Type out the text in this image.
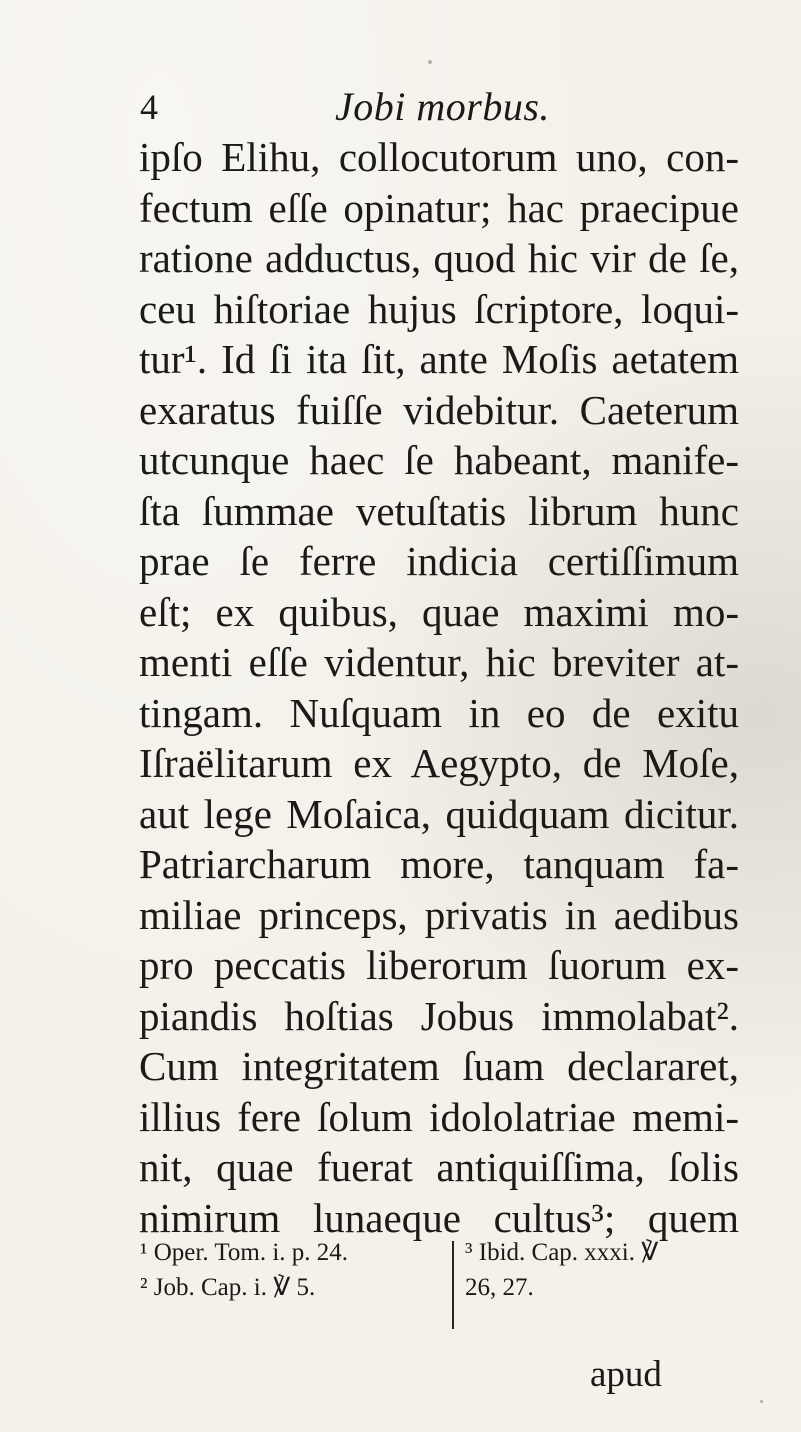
4	Jobi morbus.
ipſo Elihu, collocutorum uno, con-
fectum eſſe opinatur; hac praecipue
ratione adductus, quod hic vir de ſe,
ceu hiſtoriae hujus ſcriptore, loqui-
tur¹. Id ſi ita ſit, ante Moſis aetatem
exaratus fuiſſe videbitur. Caeterum
utcunque haec ſe habeant, manife-
ſta ſummae vetuſtatis librum hunc
prae ſe ferre indicia certiſſimum
eſt; ex quibus, quae maximi mo-
menti eſſe videntur, hic breviter at-
tingam. Nuſquam in eo de exitu
Iſraëlitarum ex Aegypto, de Moſe,
aut lege Moſaica, quidquam dicitur.
Patriarcharum more, tanquam fa-
miliae princeps, privatis in aedibus
pro peccatis liberorum ſuorum ex-
piandis hoſtias Jobus immolabat².
Cum integritatem ſuam declararet,
illius fere ſolum idololatriae memi-
nit, quae fuerat antiquiſſima, ſolis
nimirum lunaeque cultus³; quem
¹ Oper. Tom. i. p. 24.
² Job. Cap. i. ℣ 5.
³ Ibid. Cap. xxxi. ℣
26, 27.
apud
